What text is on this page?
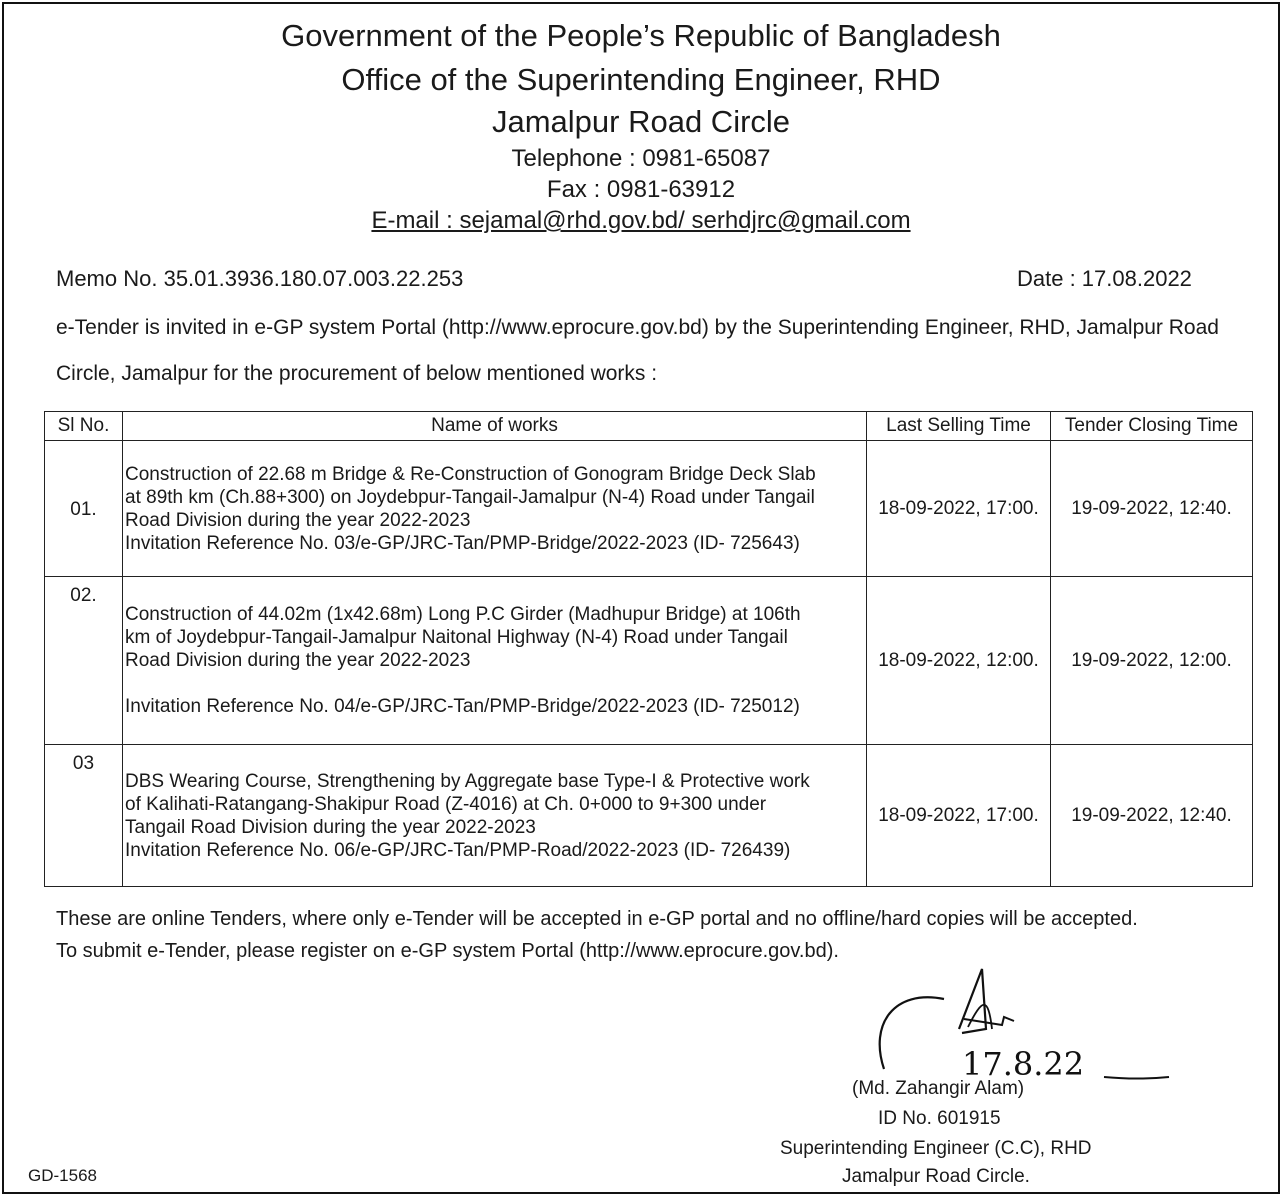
Government of the People’s Republic of Bangladesh
Office of the Superintending Engineer, RHD
Jamalpur Road Circle
Telephone : 0981-65087
Fax : 0981-63912
E-mail : sejamal@rhd.gov.bd/ serhdjrc@gmail.com
Memo No. 35.01.3936.180.07.003.22.253	Date : 17.08.2022
e-Tender is invited in e-GP system Portal (http://www.eprocure.gov.bd) by the Superintending Engineer, RHD, Jamalpur Road
Circle, Jamalpur for the procurement of below mentioned works :
Sl No.	Name of works	Last Selling Time	Tender Closing Time
01.	Construction of 22.68 m Bridge & Re-Construction of Gonogram Bridge Deck Slab
at 89th km (Ch.88+300) on Joydebpur-Tangail-Jamalpur (N-4) Road under Tangail
Road Division during the year 2022-2023
Invitation Reference No. 03/e-GP/JRC-Tan/PMP-Bridge/2022-2023 (ID- 725643)	18-09-2022, 17:00.	19-09-2022, 12:40.
02.	Construction of 44.02m (1x42.68m) Long P.C Girder (Madhupur Bridge) at 106th
km of Joydebpur-Tangail-Jamalpur Naitonal Highway (N-4) Road under Tangail
Road Division during the year 2022-2023
Invitation Reference No. 04/e-GP/JRC-Tan/PMP-Bridge/2022-2023 (ID- 725012)	18-09-2022, 12:00.	19-09-2022, 12:00.
03	DBS Wearing Course, Strengthening by Aggregate base Type-I & Protective work
of Kalihati-Ratangang-Shakipur Road (Z-4016) at Ch. 0+000 to 9+300 under
Tangail Road Division during the year 2022-2023
Invitation Reference No. 06/e-GP/JRC-Tan/PMP-Road/2022-2023 (ID- 726439)	18-09-2022, 17:00.	19-09-2022, 12:40.
These are online Tenders, where only e-Tender will be accepted in e-GP portal and no offline/hard copies will be accepted.
To submit e-Tender, please register on e-GP system Portal (http://www.eprocure.gov.bd).
17.8.22
(Md. Zahangir Alam)
ID No. 601915
Superintending Engineer (C.C), RHD
Jamalpur Road Circle.
GD-1568
